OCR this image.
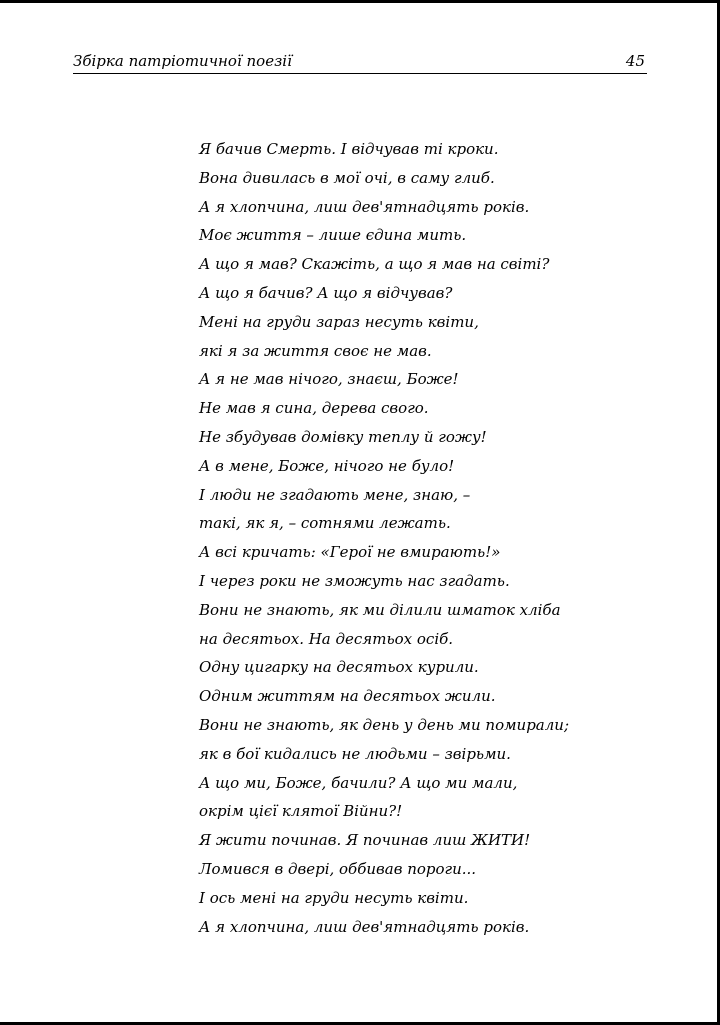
Збірка патріотичної поезії	45
Я бачив Смерть. І відчував ті кроки.
Вона дивилась в мої очі, в саму глиб.
А я хлопчина, лиш дев'ятнадцять років.
Моє життя – лише єдина мить.
А що я мав? Скажіть, а що я мав на світі?
А що я бачив? А що я відчував?
Мені на груди зараз несуть квіти,
які я за життя своє не мав.
А я не мав нічого, знаєш, Боже!
Не мав я сина, дерева свого.
Не збудував домівку теплу й гожу!
А в мене, Боже, нічого не було!
І люди не згадають мене, знаю, –
такі, як я, – сотнями лежать.
А всі кричать: «Герої не вмирають!»
І через роки не зможуть нас згадать.
Вони не знають, як ми ділили шматок хліба
на десятьох. На десятьох осіб.
Одну цигарку на десятьох курили.
Одним життям на десятьох жили.
Вони не знають, як день у день ми помирали;
як в бої кидались не людьми – звірьми.
А що ми, Боже, бачили? А що ми мали,
окрім цієї клятої Війни?!
Я жити починав. Я починав лиш ЖИТИ!
Ломився в двері, оббивав пороги...
І ось мені на груди несуть квіти.
А я хлопчина, лиш дев'ятнадцять років.
